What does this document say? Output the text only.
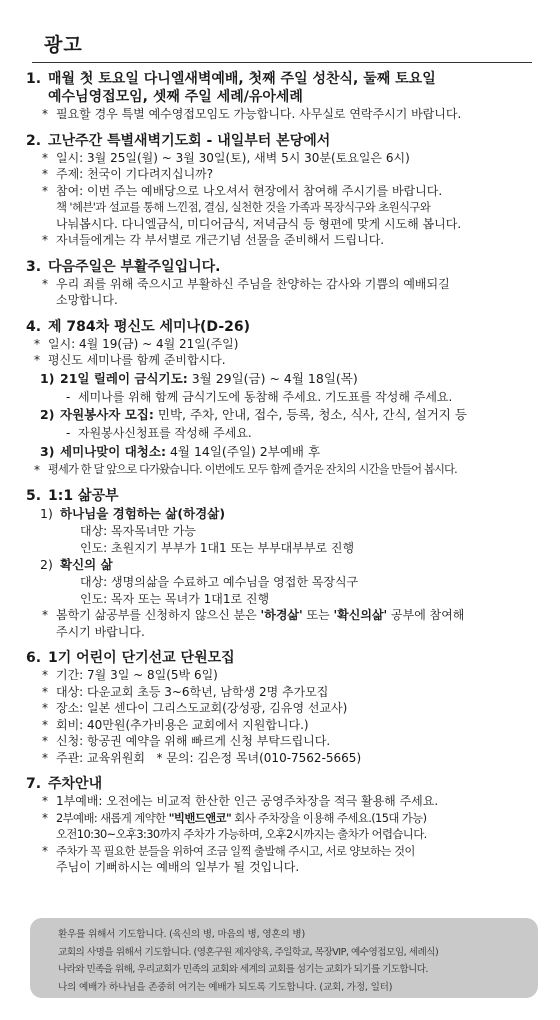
광고
1. 매월 첫 토요일 다니엘새벽예배, 첫째 주일 성찬식, 둘째 토요일
예수님영접모임, 셋째 주일 세례/유아세례
* 필요할 경우 특별 예수영접모임도 가능합니다. 사무실로 연락주시기 바랍니다.
2. 고난주간 특별새벽기도회 - 내일부터 본당에서
* 일시: 3월 25일(월) ~ 3월 30일(토), 새벽 5시 30분(토요일은 6시)
* 주제: 천국이 기다려지십니까?
* 참여: 이번 주는 예배당으로 나오셔서 현장에서 참여해 주시기를 바랍니다.
책 '헤븐'과 설교를 통해 느낀점, 결심, 실천한 것을 가족과 목장식구와 초원식구와
나눠봅시다. 다니엘금식, 미디어금식, 저녁금식 등 형편에 맞게 시도해 봅니다.
* 자녀들에게는 각 부서별로 개근기념 선물을 준비해서 드립니다.
3. 다음주일은 부활주일입니다.
* 우리 죄를 위해 죽으시고 부활하신 주님을 찬양하는 감사와 기쁨의 예배되길
소망합니다.
4. 제 784차 평신도 세미나(D-26)
* 일시: 4월 19(금) ~ 4월 21일(주일)
* 평신도 세미나를 함께 준비합시다.
1) 21일 릴레이 금식기도: 3월 29일(금) ~ 4월 18일(목)
- 세미나를 위해 함께 금식기도에 동참해 주세요. 기도표를 작성해 주세요.
2) 자원봉사자 모집: 민박, 주차, 안내, 접수, 등록, 청소, 식사, 간식, 설거지 등
- 자원봉사신청표를 작성해 주세요.
3) 세미나맞이 대청소: 4월 14일(주일) 2부예배 후
* 평세가 한 달 앞으로 다가왔습니다. 이번에도 모두 함께 즐거운 잔치의 시간을 만들어 봅시다.
5. 1:1 삶공부
1) 하나님을 경험하는 삶(하경삶)
대상: 목자목녀만 가능
인도: 초원지기 부부가 1대1 또는 부부대부부로 진행
2) 확신의 삶
대상: 생명의삶을 수료하고 예수님을 영접한 목장식구
인도: 목자 또는 목녀가 1대1로 진행
* 봄학기 삶공부를 신청하지 않으신 분은 '하경삶' 또는 '확신의삶' 공부에 참여해
주시기 바랍니다.
6. 1기 어린이 단기선교 단원모집
* 기간: 7월 3일 ~ 8일(5박 6일)
* 대상: 다운교회 초등 3~6학년, 남학생 2명 추가모집
* 장소: 일본 센다이 그리스도교회(강성광, 김유영 선교사)
* 회비: 40만원(추가비용은 교회에서 지원합니다.)
* 신청: 항공권 예약을 위해 빠르게 신청 부탁드립니다.
* 주관: 교육위원회 * 문의: 김은정 목녀(010-7562-5665)
7. 주차안내
* 1부예배: 오전에는 비교적 한산한 인근 공영주차장을 적극 활용해 주세요.
* 2부예배: 새롭게 계약한 "빅밴드앤코" 회사 주차장을 이용해 주세요.(15대 가능)
오전10:30~오후3:30까지 주차가 가능하며, 오후2시까지는 출차가 어렵습니다.
* 주차가 꼭 필요한 분들을 위하여 조금 일찍 출발해 주시고, 서로 양보하는 것이
주님이 기뻐하시는 예배의 일부가 될 것입니다.
환우를 위해서 기도합니다. (육신의 병, 마음의 병, 영혼의 병)
교회의 사명을 위해서 기도합니다. (영혼구원 제자양육, 주일학교, 목장VIP, 예수영접모임, 세례식)
나라와 민족을 위해, 우리교회가 민족의 교회와 세계의 교회를 섬기는 교회가 되기를 기도합니다.
나의 예배가 하나님을 존중히 여기는 예배가 되도록 기도합니다. (교회, 가정, 일터)
